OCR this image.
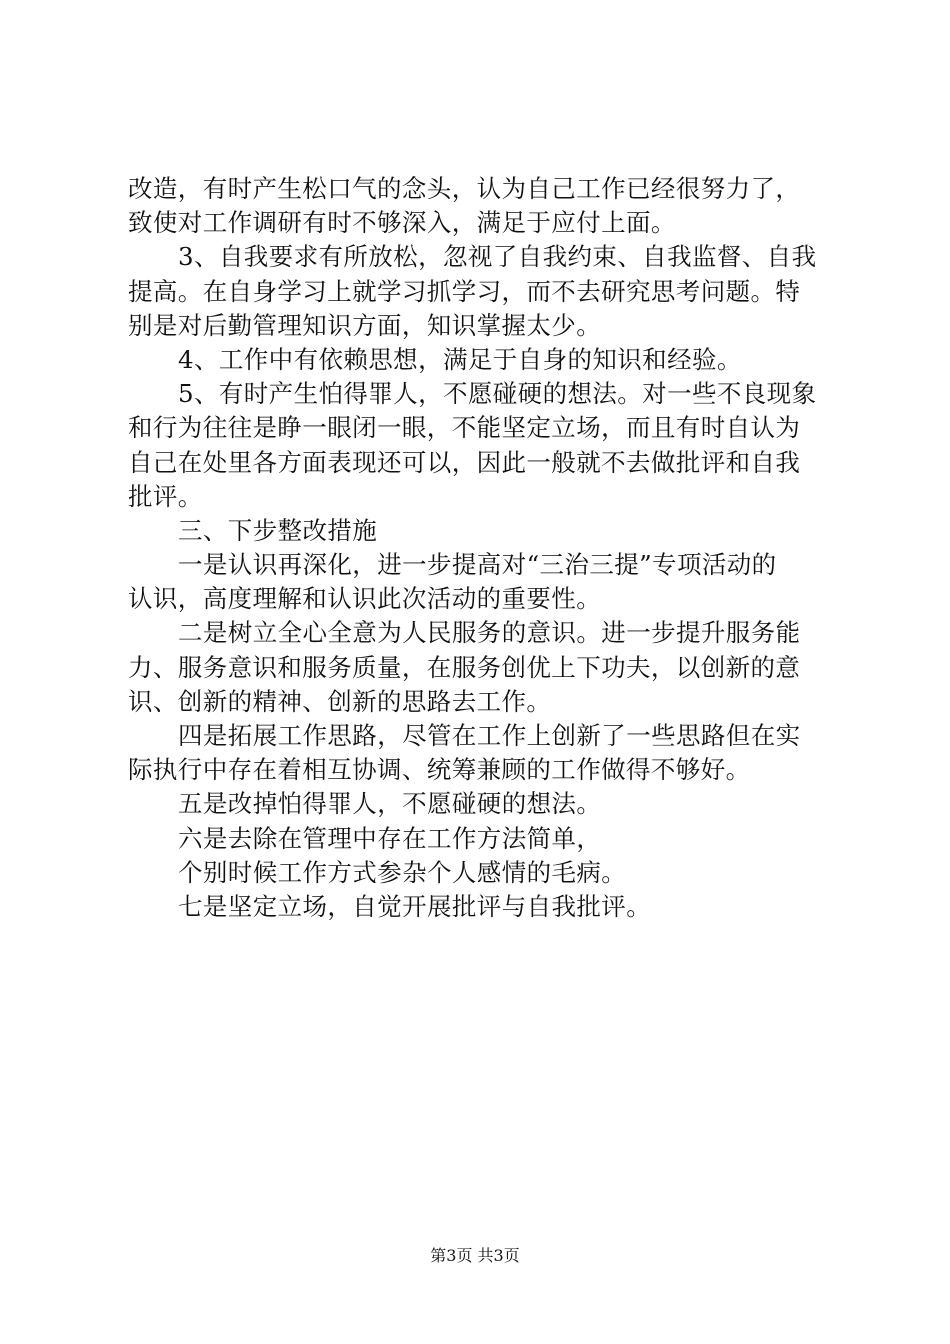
改造，有时产生松口气的念头，认为自己工作已经很努力了，
致使对工作调研有时不够深入，满足于应付上面。
3、自我要求有所放松，忽视了自我约束、自我监督、自我
提高。在自身学习上就学习抓学习，而不去研究思考问题。特
别是对后勤管理知识方面，知识掌握太少。
4、工作中有依赖思想，满足于自身的知识和经验。
5、有时产生怕得罪人，不愿碰硬的想法。对一些不良现象
和行为往往是睁一眼闭一眼，不能坚定立场，而且有时自认为
自己在处里各方面表现还可以，因此一般就不去做批评和自我
批评。
三、下步整改措施
一是认识再深化，进一步提高对“三治三提”专项活动的
认识，高度理解和认识此次活动的重要性。
二是树立全心全意为人民服务的意识。进一步提升服务能
力、服务意识和服务质量，在服务创优上下功夫，以创新的意
识、创新的精神、创新的思路去工作。
四是拓展工作思路，尽管在工作上创新了一些思路但在实
际执行中存在着相互协调、统筹兼顾的工作做得不够好。
五是改掉怕得罪人，不愿碰硬的想法。
六是去除在管理中存在工作方法简单，
个别时候工作方式参杂个人感情的毛病。
七是坚定立场，自觉开展批评与自我批评。
第3页 共3页
